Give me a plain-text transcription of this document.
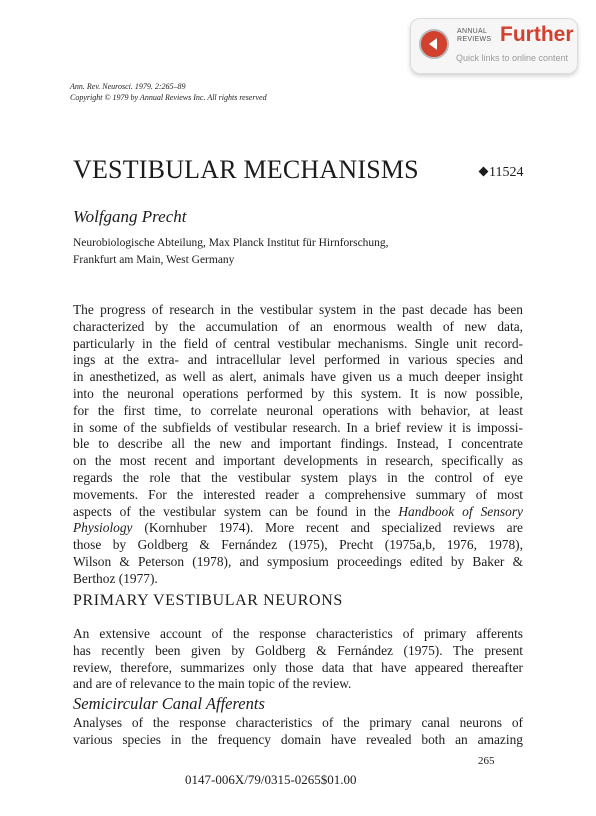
ANNUAL
REVIEWS Further
Quick links to online content
Ann. Rev. Neurosci. 1979. 2:265–89
Copyright © 1979 by Annual Reviews Inc. All rights reserved
VESTIBULAR MECHANISMS	11524
Wolfgang Precht
Neurobiologische Abteilung, Max Planck Institut für Hirnforschung,
Frankfurt am Main, West Germany
The progress of research in the vestibular system in the past decade has been
characterized by the accumulation of an enormous wealth of new data,
particularly in the field of central vestibular mechanisms. Single unit record-
ings at the extra- and intracellular level performed in various species and
in anesthetized, as well as alert, animals have given us a much deeper insight
into the neuronal operations performed by this system. It is now possible,
for the first time, to correlate neuronal operations with behavior, at least
in some of the subfields of vestibular research. In a brief review it is impossi-
ble to describe all the new and important findings. Instead, I concentrate
on the most recent and important developments in research, specifically as
regards the role that the vestibular system plays in the control of eye
movements. For the interested reader a comprehensive summary of most
aspects of the vestibular system can be found in the Handbook of Sensory
Physiology (Kornhuber 1974). More recent and specialized reviews are
those by Goldberg & Fernández (1975), Precht (1975a,b, 1976, 1978),
Wilson & Peterson (1978), and symposium proceedings edited by Baker &
Berthoz (1977).
PRIMARY VESTIBULAR NEURONS
An extensive account of the response characteristics of primary afferents
has recently been given by Goldberg & Fernández (1975). The present
review, therefore, summarizes only those data that have appeared thereafter
and are of relevance to the main topic of the review.
Semicircular Canal Afferents
Analyses of the response characteristics of the primary canal neurons of
various species in the frequency domain have revealed both an amazing
265
0147-006X/79/0315-0265$01.00
